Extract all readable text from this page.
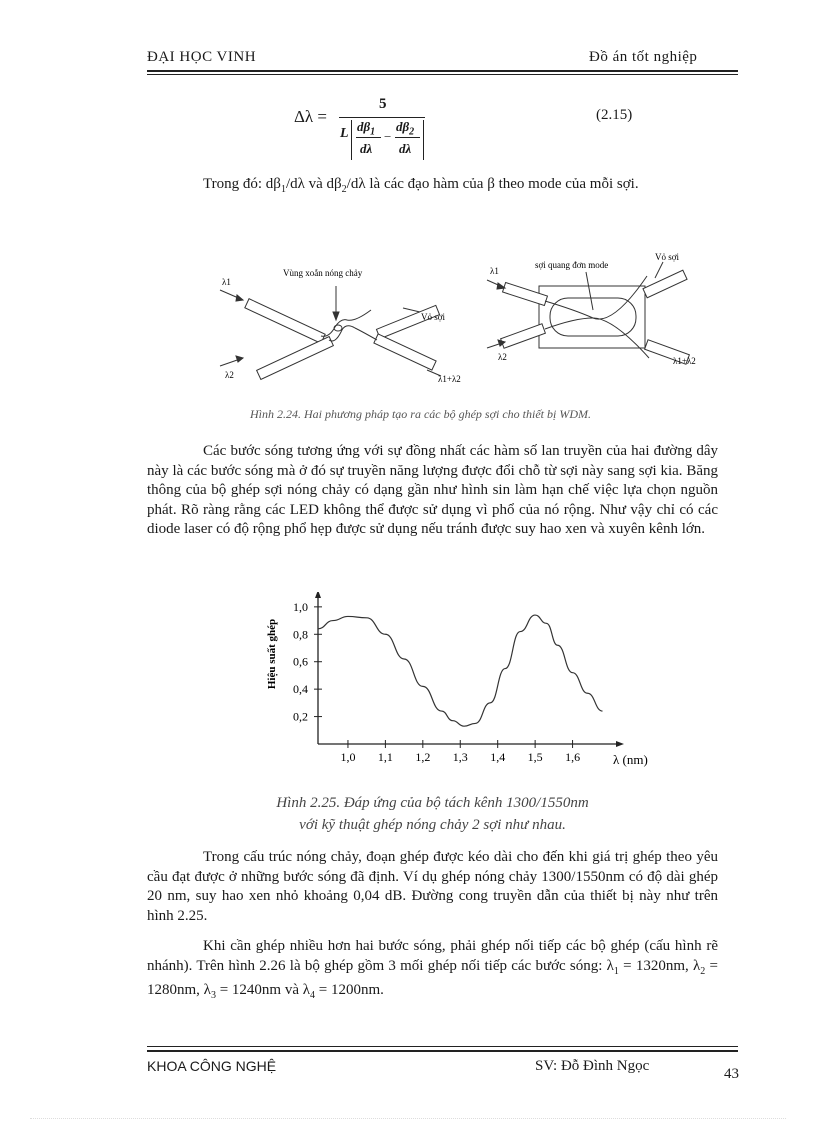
ĐẠI HỌC VINH	Đồ án tốt nghiệp
Δλ =
5
L $d\beta_1$
dλ
−
$d\beta_2$
dλ
(2.15)
Trong đó: $d\beta_1/d\lambda$ và $d\beta_2/d\lambda$ là các đạo hàm của β theo mode của mỗi sợi.
λ1
λ2
Vùng xoắn nóng chảy
Vỏ sợi
λ1+λ2
λ1
λ2
sợi quang đơn mode
Vỏ sợi
λ1+λ2
Hình 2.24. Hai phương pháp tạo ra các bộ ghép sợi cho thiết bị WDM.
Các bước sóng tương ứng với sự đồng nhất các hàm số lan truyền của hai đường dây này là các bước sóng mà ở đó sự truyền năng lượng được đổi chỗ từ sợi này sang sợi kia. Băng thông của bộ ghép sợi nóng chảy có dạng gần như hình sin làm hạn chế việc lựa chọn nguồn phát. Rõ ràng rằng các LED không thể được sử dụng vì phổ của nó rộng. Như vậy chỉ có các diode laser có độ rộng phổ hẹp được sử dụng nếu tránh được suy hao xen và xuyên kênh lớn.
Hiệu suất ghép
0,2
0,4
0,6
0,8
1,0
1,0 1,1 1,2 1,3 1,4 1,5 1,6	λ (nm)
Hình 2.25. Đáp ứng của bộ tách kênh 1300/1550nm
với kỹ thuật ghép nóng chảy 2 sợi như nhau.
Trong cấu trúc nóng chảy, đoạn ghép được kéo dài cho đến khi giá trị ghép theo yêu cầu đạt được ở những bước sóng đã định. Ví dụ ghép nóng chảy 1300/1550nm có độ dài ghép 20 nm, suy hao xen nhỏ khoảng 0,04 dB. Đường cong truyền dẫn của thiết bị này như trên hình 2.25.
Khi cần ghép nhiều hơn hai bước sóng, phải ghép nối tiếp các bộ ghép (cấu hình rẽ nhánh). Trên hình 2.26 là bộ ghép gồm 3 mối ghép nối tiếp các bước sóng: $\lambda_1 = 1320nm$, $\lambda_2 = 1280nm$, $\lambda_3 = 1240nm$ và $\lambda_4 = 1200nm$.
KHOA CÔNG NGHỆ	SV: Đỗ Đình Ngọc	43
